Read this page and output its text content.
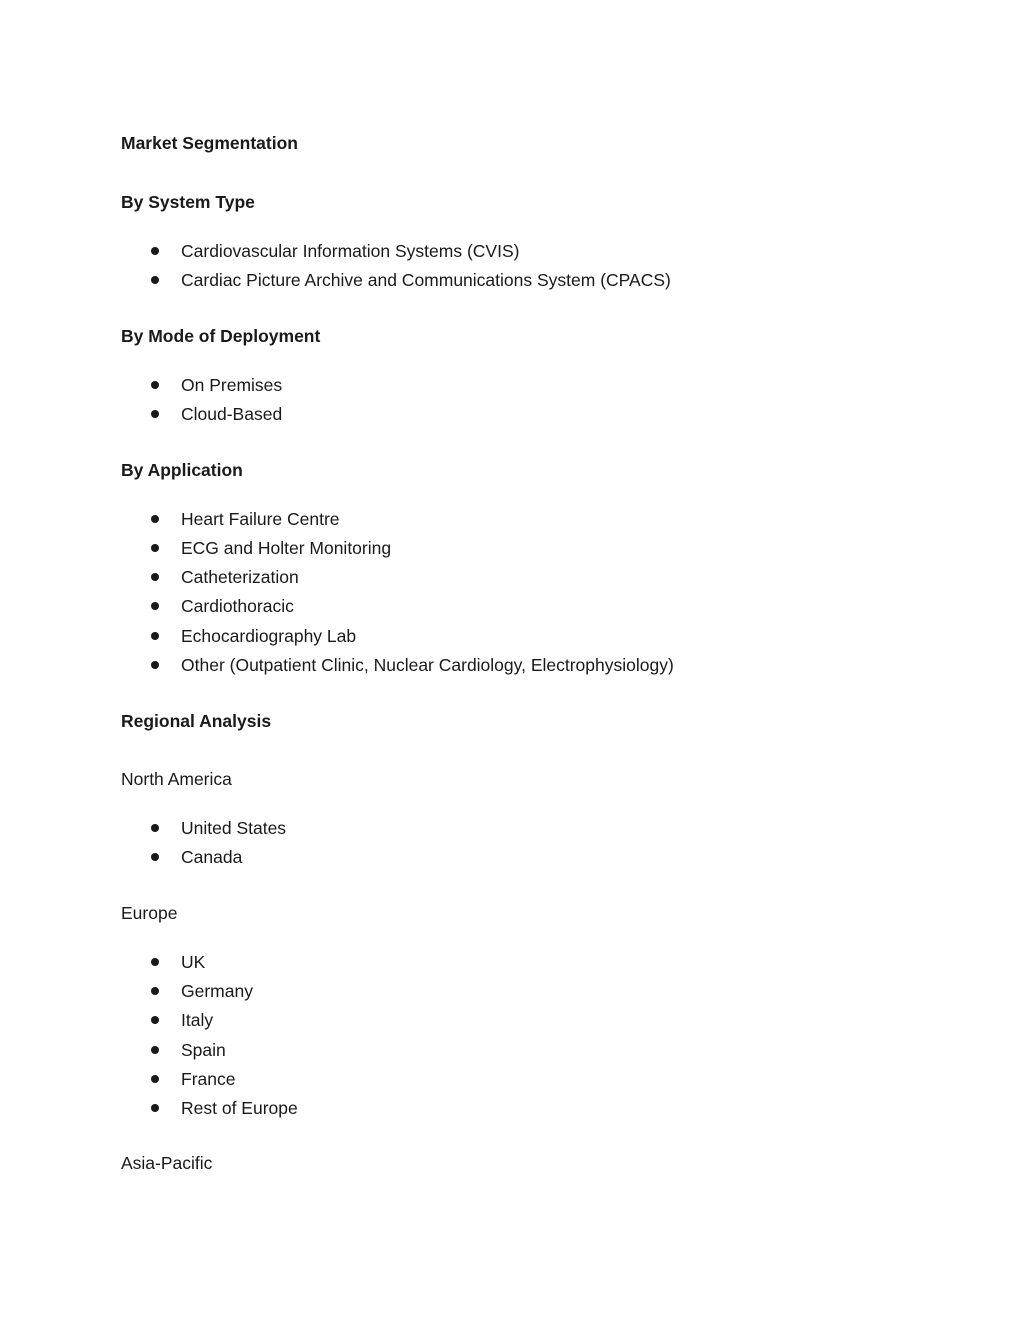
Market Segmentation
By System Type
Cardiovascular Information Systems (CVIS)
Cardiac Picture Archive and Communications System (CPACS)
By Mode of Deployment
On Premises
Cloud-Based
By Application
Heart Failure Centre
ECG and Holter Monitoring
Catheterization
Cardiothoracic
Echocardiography Lab
Other (Outpatient Clinic, Nuclear Cardiology, Electrophysiology)
Regional Analysis
North America
United States
Canada
Europe
UK
Germany
Italy
Spain
France
Rest of Europe
Asia-Pacific
